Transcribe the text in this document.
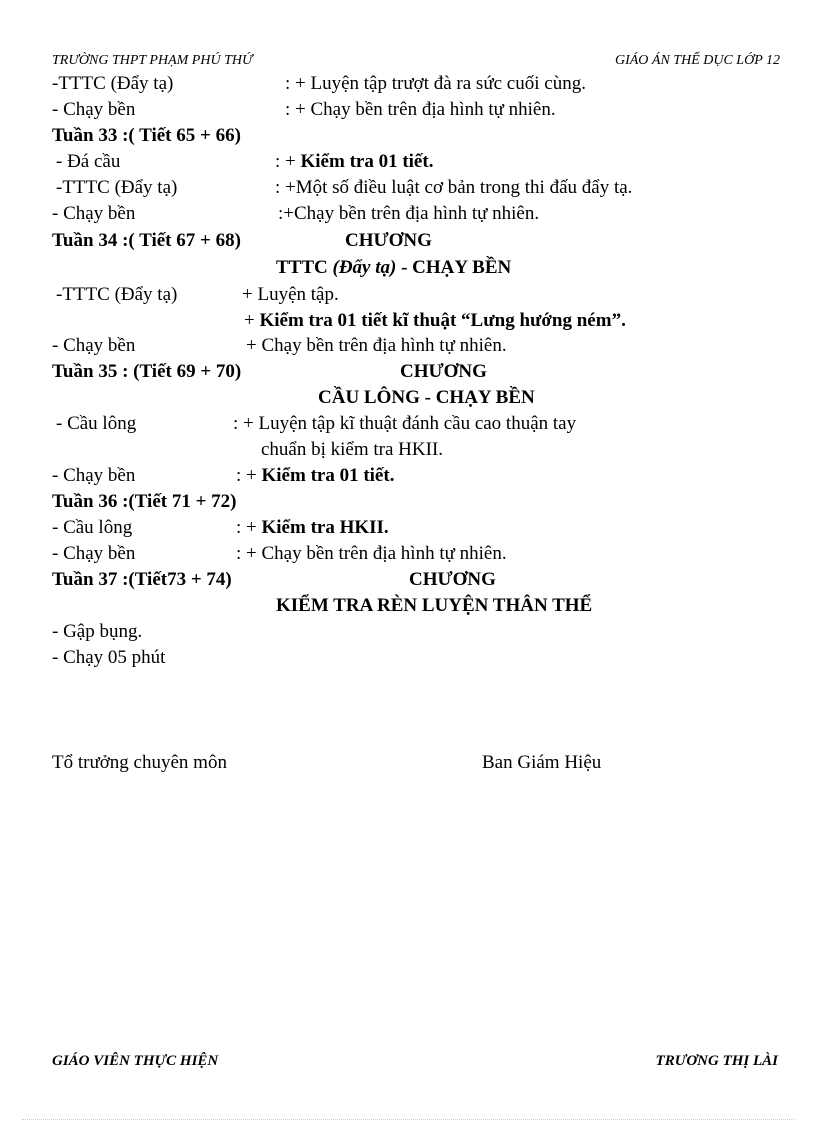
TRƯỜNG THPT PHẠM PHÚ THỨ	GIÁO ÁN THỂ DỤC LỚP 12
-TTTC (Đẩy tạ)	: + Luyện tập trượt đà ra sức cuối cùng.
- Chạy bền	: + Chạy bền trên địa hình tự nhiên.
Tuần 33 :( Tiết 65 + 66)
- Đá cầu	: + Kiểm tra 01 tiết.
-TTTC (Đẩy tạ)	: +Một số điều luật cơ bản trong thi đấu đẩy tạ.
- Chạy bền	:+Chạy bền trên địa hình tự nhiên.
Tuần 34 :( Tiết 67 + 68)	CHƯƠNG
TTTC (Đẩy tạ) - CHẠY BỀN
-TTTC (Đẩy tạ)	+ Luyện tập.
+ Kiểm tra 01 tiết kĩ thuật “Lưng hướng ném”.
- Chạy bền	+ Chạy bền trên địa hình tự nhiên.
Tuần 35 : (Tiết 69 + 70)	CHƯƠNG
CẦU LÔNG - CHẠY BỀN
- Cầu lông	: + Luyện tập kĩ thuật đánh cầu cao thuận tay
chuẩn bị kiểm tra HKII.
- Chạy bền	: + Kiểm tra 01 tiết.
Tuần 36 :(Tiết 71 + 72)
- Cầu lông	: + Kiểm tra HKII.
- Chạy bền	: + Chạy bền trên địa hình tự nhiên.
Tuần 37 :(Tiết73 + 74)	CHƯƠNG
KIỂM TRA RÈN LUYỆN THÂN THỂ
- Gập bụng.
- Chạy 05 phút
Tổ trưởng chuyên môn	Ban Giám Hiệu
GIÁO VIÊN THỰC HIỆN	TRƯƠNG THỊ LÀI
